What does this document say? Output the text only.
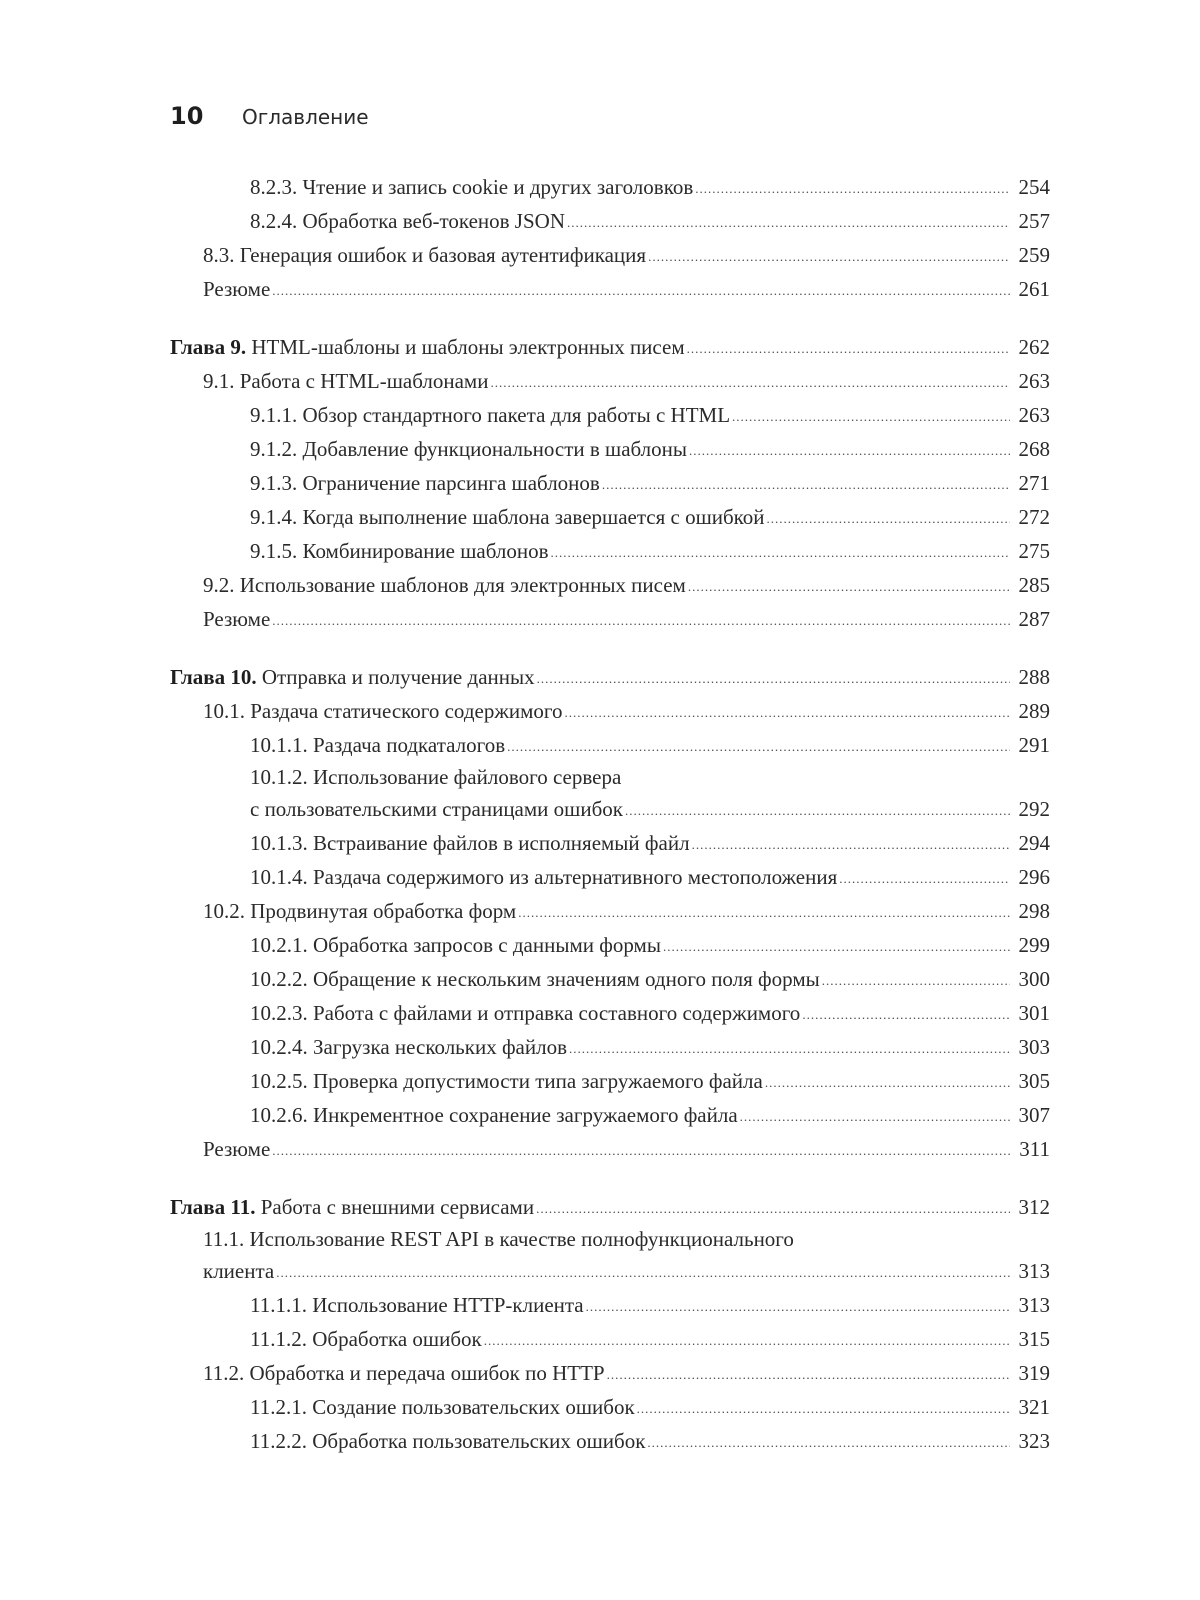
10	Оглавление
8.2.3. Чтение и запись cookie и других заголовков .....	254
8.2.4. Обработка веб-токенов JSON .....	257
8.3. Генерация ошибок и базовая аутентификация .....	259
Резюме .....	261
Глава 9. HTML-шаблоны и шаблоны электронных писем .....	262
9.1. Работа с HTML-шаблонами .....	263
9.1.1. Обзор стандартного пакета для работы с HTML .....	263
9.1.2. Добавление функциональности в шаблоны .....	268
9.1.3. Ограничение парсинга шаблонов .....	271
9.1.4. Когда выполнение шаблона завершается с ошибкой .....	272
9.1.5. Комбинирование шаблонов .....	275
9.2. Использование шаблонов для электронных писем .....	285
Резюме .....	287
Глава 10. Отправка и получение данных .....	288
10.1. Раздача статического содержимого .....	289
10.1.1. Раздача подкаталогов .....	291
10.1.2. Использование файлового сервера
с пользовательскими страницами ошибок .....	292
10.1.3. Встраивание файлов в исполняемый файл .....	294
10.1.4. Раздача содержимого из альтернативного местоположения .....	296
10.2. Продвинутая обработка форм .....	298
10.2.1. Обработка запросов с данными формы .....	299
10.2.2. Обращение к нескольким значениям одного поля формы .....	300
10.2.3. Работа с файлами и отправка составного содержимого .....	301
10.2.4. Загрузка нескольких файлов .....	303
10.2.5. Проверка допустимости типа загружаемого файла .....	305
10.2.6. Инкрементное сохранение загружаемого файла .....	307
Резюме .....	311
Глава 11. Работа с внешними сервисами .....	312
11.1. Использование REST API в качестве полнофункционального
клиента .....	313
11.1.1. Использование HTTP-клиента .....	313
11.1.2. Обработка ошибок .....	315
11.2. Обработка и передача ошибок по HTTP .....	319
11.2.1. Создание пользовательских ошибок .....	321
11.2.2. Обработка пользовательских ошибок .....	323
